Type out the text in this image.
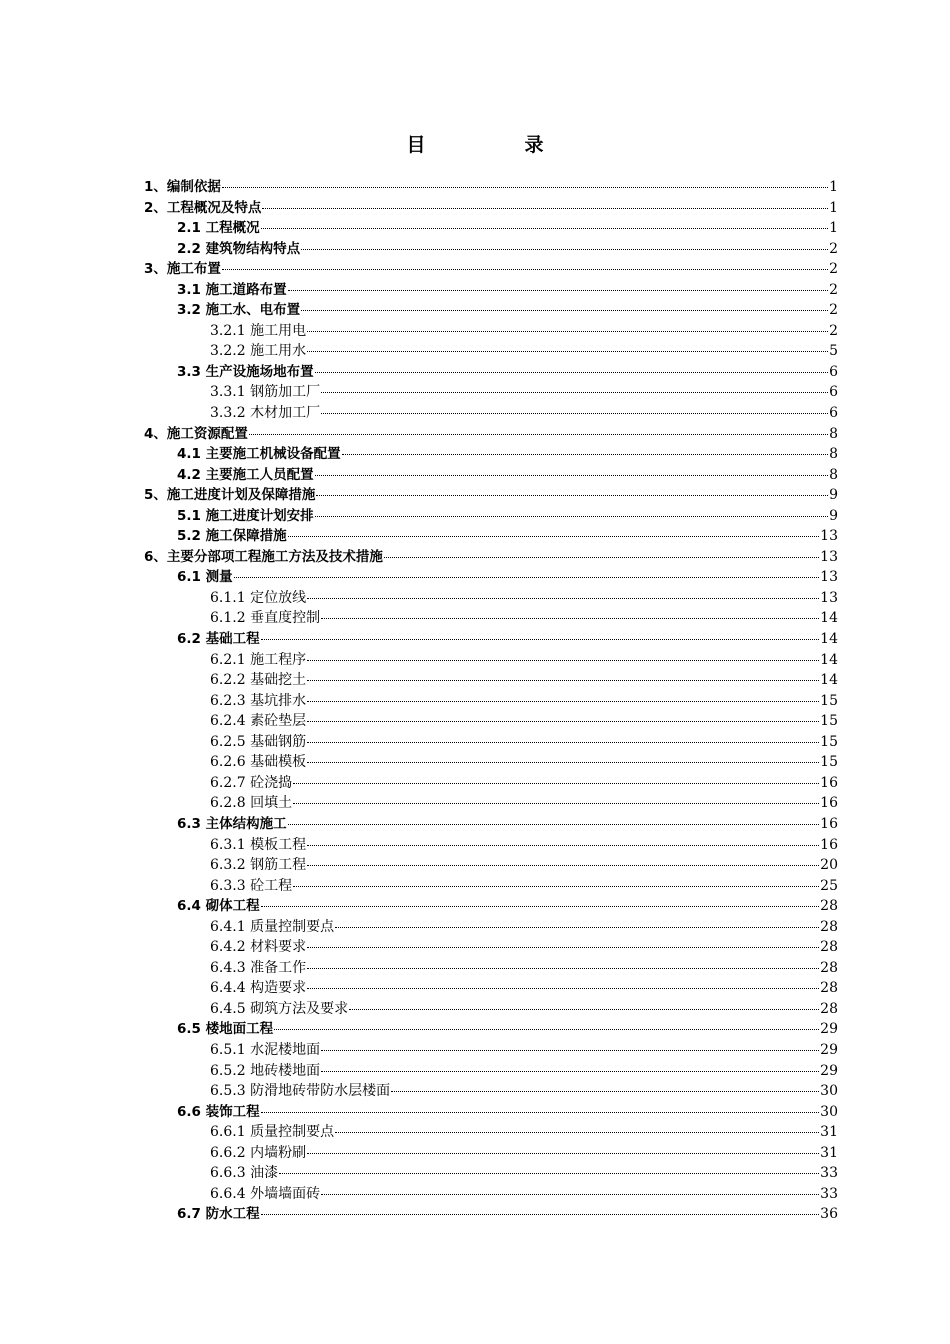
目　录
1、编制依据	1
2、工程概况及特点	1
2.1 工程概况	1
2.2 建筑物结构特点	2
3、施工布置	2
3.1 施工道路布置	2
3.2 施工水、电布置	2
3.2.1 施工用电	2
3.2.2 施工用水	5
3.3 生产设施场地布置	6
3.3.1 钢筋加工厂	6
3.3.2 木材加工厂	6
4、施工资源配置	8
4.1 主要施工机械设备配置	8
4.2 主要施工人员配置	8
5、施工进度计划及保障措施	9
5.1 施工进度计划安排	9
5.2 施工保障措施	13
6、主要分部项工程施工方法及技术措施	13
6.1 测量	13
6.1.1 定位放线	13
6.1.2 垂直度控制	14
6.2 基础工程	14
6.2.1 施工程序	14
6.2.2 基础挖土	14
6.2.3 基坑排水	15
6.2.4 素砼垫层	15
6.2.5 基础钢筋	15
6.2.6 基础模板	15
6.2.7 砼浇捣	16
6.2.8 回填土	16
6.3 主体结构施工	16
6.3.1 模板工程	16
6.3.2 钢筋工程	20
6.3.3 砼工程	25
6.4 砌体工程	28
6.4.1 质量控制要点	28
6.4.2 材料要求	28
6.4.3 准备工作	28
6.4.4 构造要求	28
6.4.5 砌筑方法及要求	28
6.5 楼地面工程	29
6.5.1 水泥楼地面	29
6.5.2 地砖楼地面	29
6.5.3 防滑地砖带防水层楼面	30
6.6 装饰工程	30
6.6.1 质量控制要点	31
6.6.2 内墙粉刷	31
6.6.3 油漆	33
6.6.4 外墙墙面砖	33
6.7 防水工程	36
